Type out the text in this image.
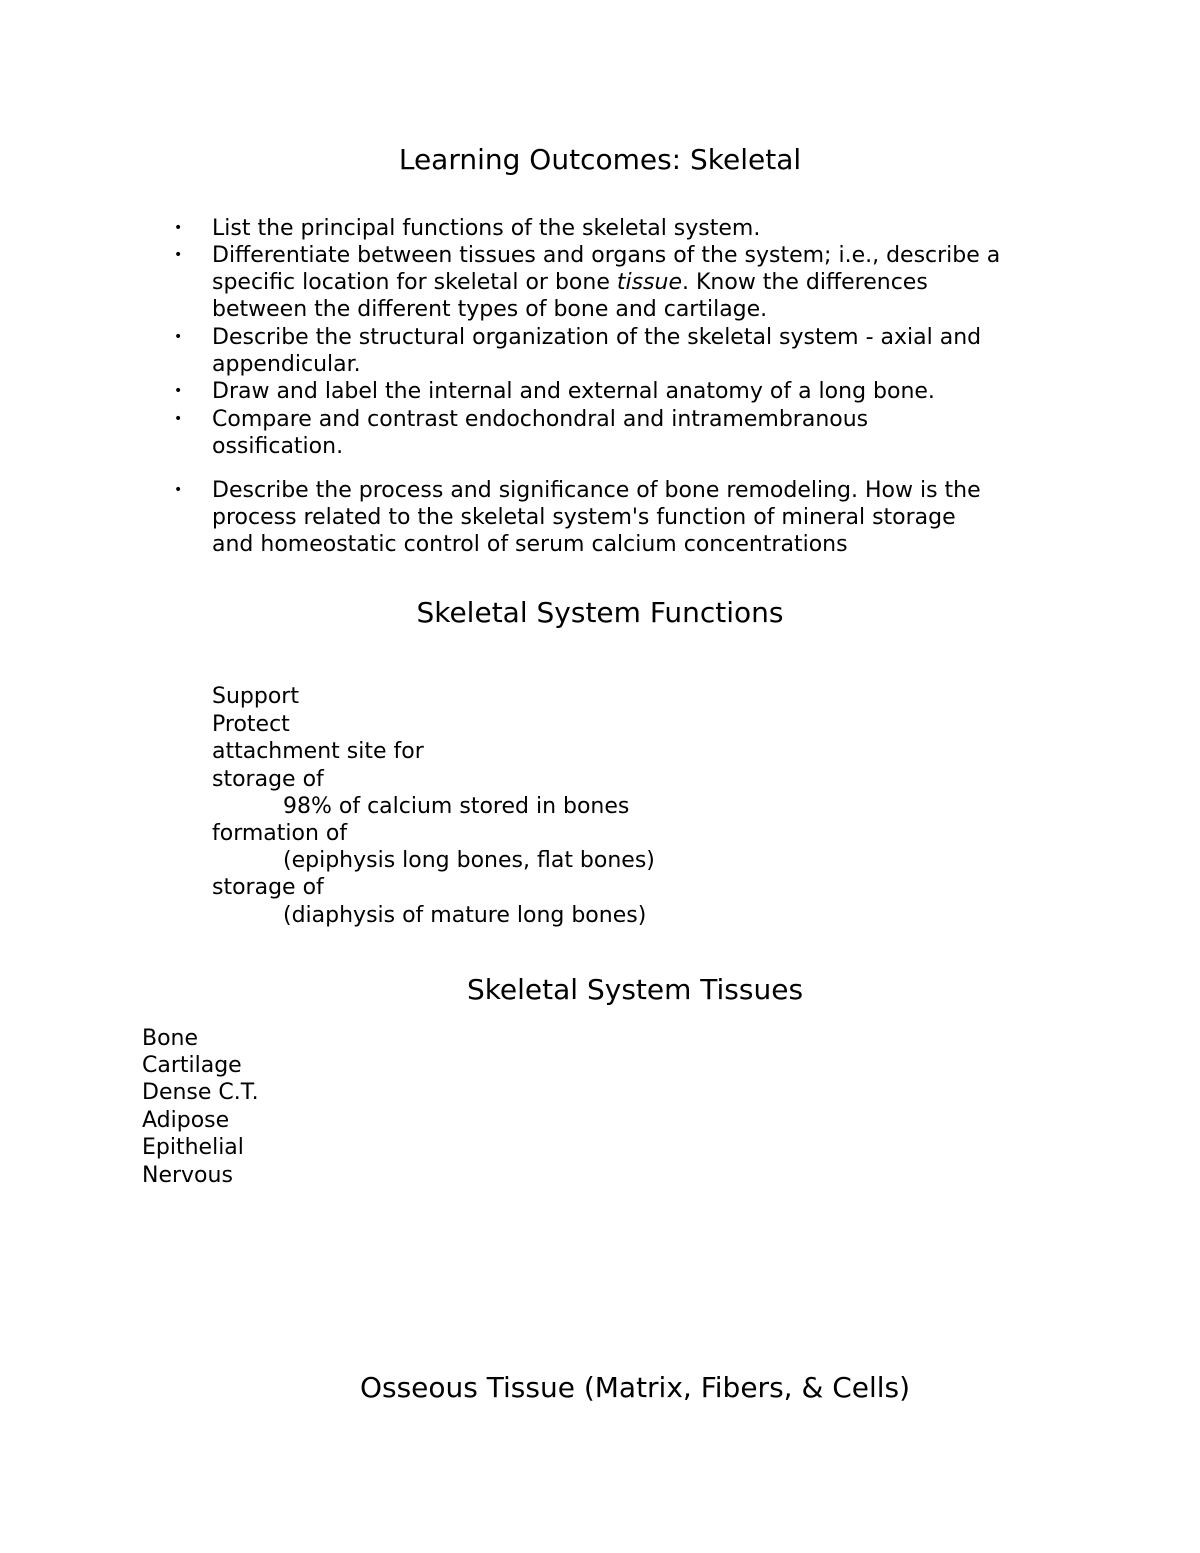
Learning Outcomes: Skeletal
• List the principal functions of the skeletal system.
• Differentiate between tissues and organs of the system; i.e., describe a
specific location for skeletal or bone tissue. Know the differences
between the different types of bone and cartilage.
• Describe the structural organization of the skeletal system - axial and
appendicular.
• Draw and label the internal and external anatomy of a long bone.
• Compare and contrast endochondral and intramembranous
ossification.
• Describe the process and significance of bone remodeling. How is the
process related to the skeletal system's function of mineral storage
and homeostatic control of serum calcium concentrations
Skeletal System Functions
Support
Protect
attachment site for
storage of
98% of calcium stored in bones
formation of
(epiphysis long bones, flat bones)
storage of
(diaphysis of mature long bones)
Skeletal System Tissues
Bone
Cartilage
Dense C.T.
Adipose
Epithelial
Nervous
Osseous Tissue (Matrix, Fibers, & Cells)
